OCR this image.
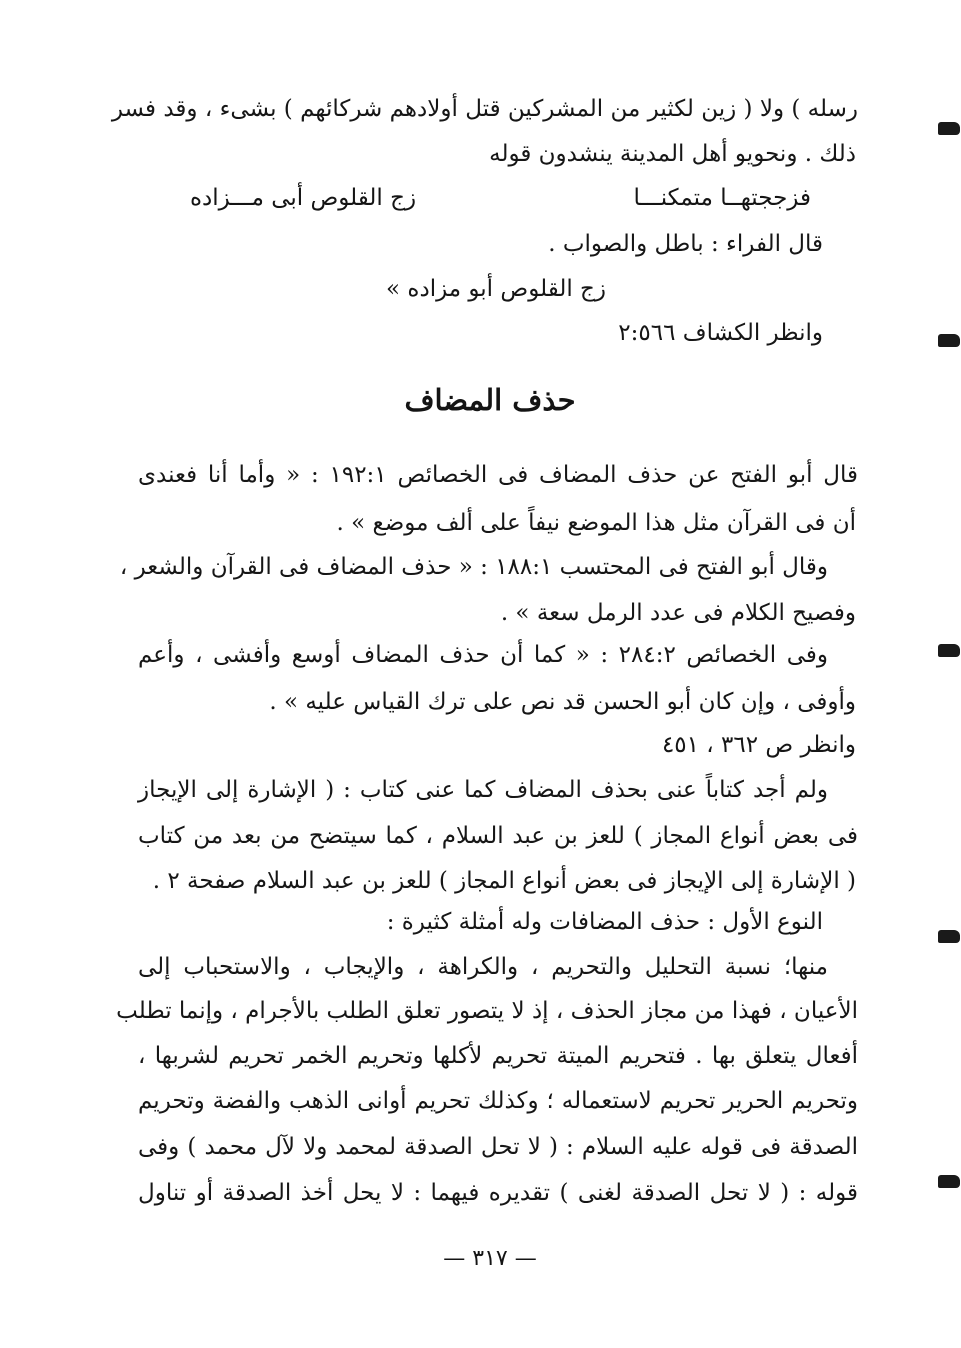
رسله ) ولا ( زين لكثير من المشركين قتل أولادهم شركائهم ) بشىء ، وقد فسر
ذلك . ونحويو أهل المدينة ينشدون قوله
فزججتهــا متمكنـــا
زج القلوص أبى مـــزاده
قال الفراء : باطل والصواب .
زج القلوص أبو مزاده »
وانظر الكشاف ٢:٥٦٦
حذف المضاف
قال أبو الفتح عن حذف المضاف فى الخصائص ١٩٢:١ : « وأما أنا فعندى
أن فى القرآن مثل هذا الموضع نيفاً على ألف موضع » .
وقال أبو الفتح فى المحتسب ١٨٨:١ : « حذف المضاف فى القرآن والشعر ،
وفصيح الكلام فى عدد الرمل سعة » .
وفى الخصائص ٢٨٤:٢ : « كما أن حذف المضاف أوسع وأفشى ، وأعم
وأوفى ، وإن كان أبو الحسن قد نص على ترك القياس عليه » .
وانظر ص ٣٦٢ ، ٤٥١
ولم أجد كتاباً عنى بحذف المضاف كما عنى كتاب : ( الإشارة إلى الإيجاز
فى بعض أنواع المجاز ) للعز بن عبد السلام ، كما سيتضح من بعد من كتاب
( الإشارة إلى الإيجاز فى بعض أنواع المجاز ) للعز بن عبد السلام صفحة ٢ .
النوع الأول : حذف المضافات وله أمثلة كثيرة :
منها؛ نسبة التحليل والتحريم ، والكراهة ، والإيجاب ، والاستحباب إلى
الأعيان ، فهذا من مجاز الحذف ، إذ لا يتصور تعلق الطلب بالأجرام ، وإنما تطلب
أفعال يتعلق بها . فتحريم الميتة تحريم لأكلها وتحريم الخمر تحريم لشربها ،
وتحريم الحرير تحريم لاستعماله ؛ وكذلك تحريم أوانى الذهب والفضة وتحريم
الصدقة فى قوله عليه السلام : ( لا تحل الصدقة لمحمد ولا لآل محمد ) وفى
قوله : ( لا تحل الصدقة لغنى ) تقديره فيهما : لا يحل أخذ الصدقة أو تناول
— ٣١٧ —
